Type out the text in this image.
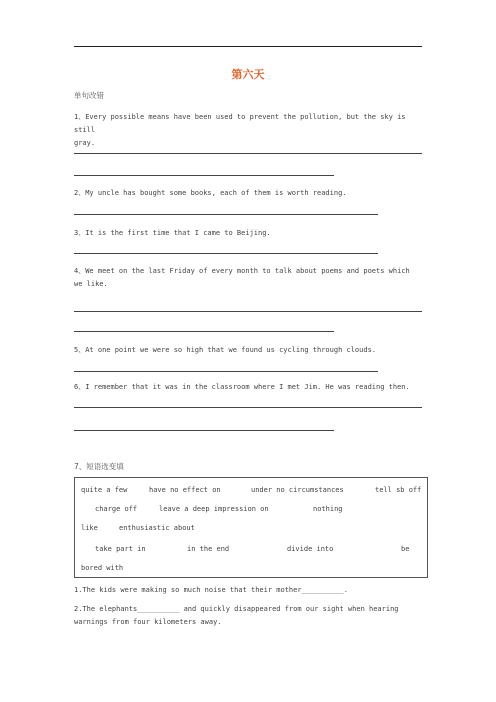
第六天
单句改错
1、Every possible means have been used to prevent the pollution, but the sky is still
gray.
2、My uncle has bought some books, each of them is worth reading.
3、It is the first time that I came to Beijing.
4、We meet on the last Friday of every month to talk about poems and poets which
we like.
5、At one point we were so high that we found us cycling through clouds.
6、I remember that it was in the classroom where I met Jim. He was reading then.
7、短语选变填
quite a few	have no effect on	under no circumstances	tell sb off
charge off	leave a deep impression on	nothing
like	enthusiastic about
take part in	in the end	divide into	be
bored with
1.The kids were making so much noise that their mother__________.
2.The elephants__________ and quickly disappeared from our sight when hearing
warnings from four kilometers away.
